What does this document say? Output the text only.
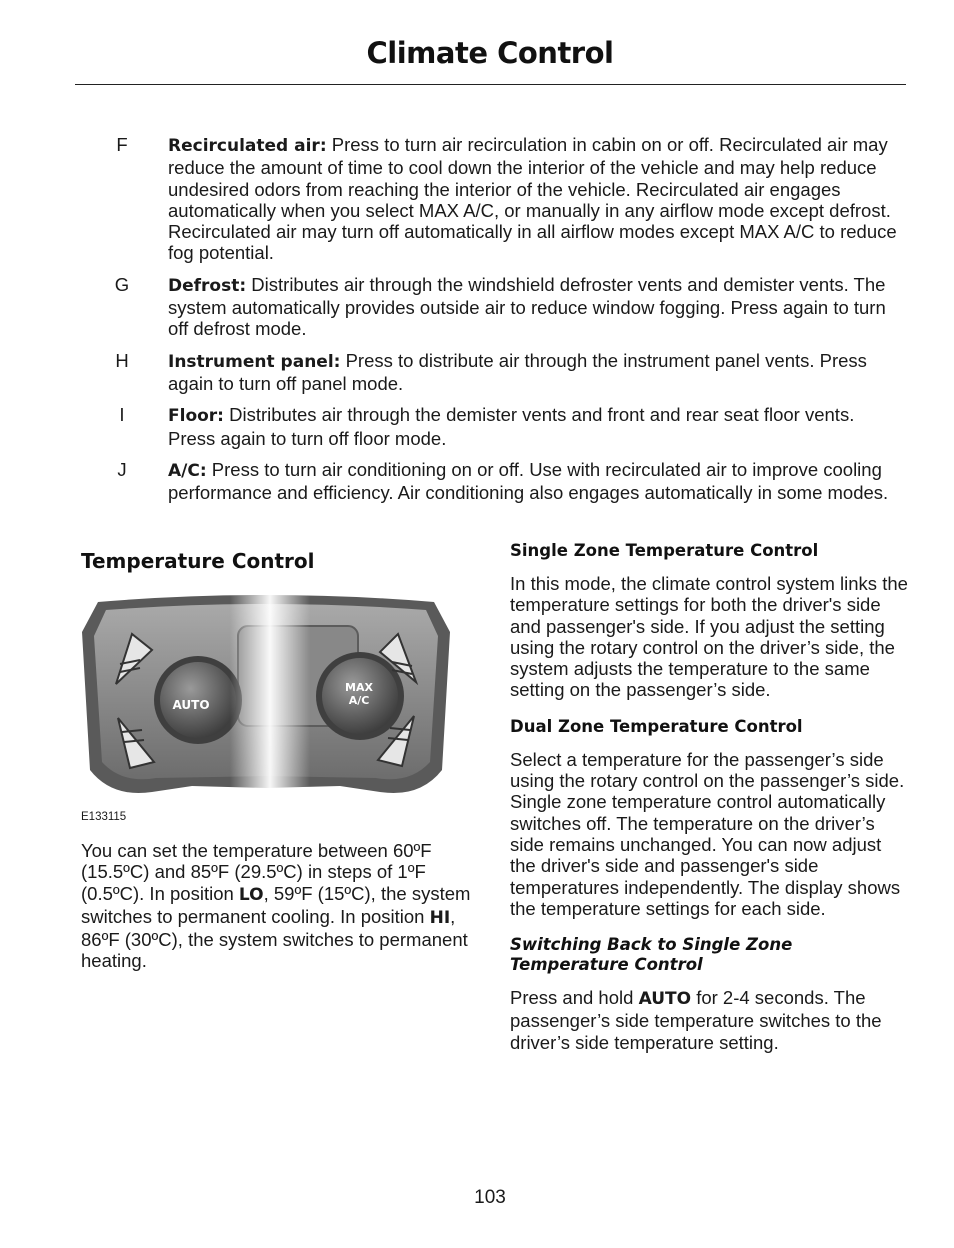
Climate Control
F	Recirculated air: Press to turn air recirculation in cabin on or off. Recirculated air may reduce the amount of time to cool down the interior of the vehicle and may help reduce undesired odors from reaching the interior of the vehicle. Recirculated air engages automatically when you select MAX A/C, or manually in any airflow mode except defrost. Recirculated air may turn off automatically in all airflow modes except MAX A/C to reduce fog potential.
G	Defrost: Distributes air through the windshield defroster vents and demister vents. The system automatically provides outside air to reduce window fogging. Press again to turn off defrost mode.
H	Instrument panel: Press to distribute air through the instrument panel vents. Press again to turn off panel mode.
I	Floor: Distributes air through the demister vents and front and rear seat floor vents. Press again to turn off floor mode.
J	A/C: Press to turn air conditioning on or off. Use with recirculated air to improve cooling performance and efficiency. Air conditioning also engages automatically in some modes.
Temperature Control
AUTO
MAX
A/C
E133115
You can set the temperature between 60ºF (15.5ºC) and 85ºF (29.5ºC) in steps of 1ºF (0.5ºC). In position LO, 59ºF (15ºC), the system switches to permanent cooling. In position HI, 86ºF (30ºC), the system switches to permanent heating.
Single Zone Temperature Control

In this mode, the climate control system links the temperature settings for both the driver's side and passenger's side. If you adjust the setting using the rotary control on the driver’s side, the system adjusts the temperature to the same setting on the passenger’s side.

Dual Zone Temperature Control

Select a temperature for the passenger’s side using the rotary control on the passenger’s side. Single zone temperature control automatically switches off. The temperature on the driver’s side remains unchanged. You can now adjust the driver's side and passenger's side temperatures independently. The display shows the temperature settings for each side.

Switching Back to Single Zone Temperature Control

Press and hold AUTO for 2-4 seconds. The passenger’s side temperature switches to the driver’s side temperature setting.

103
